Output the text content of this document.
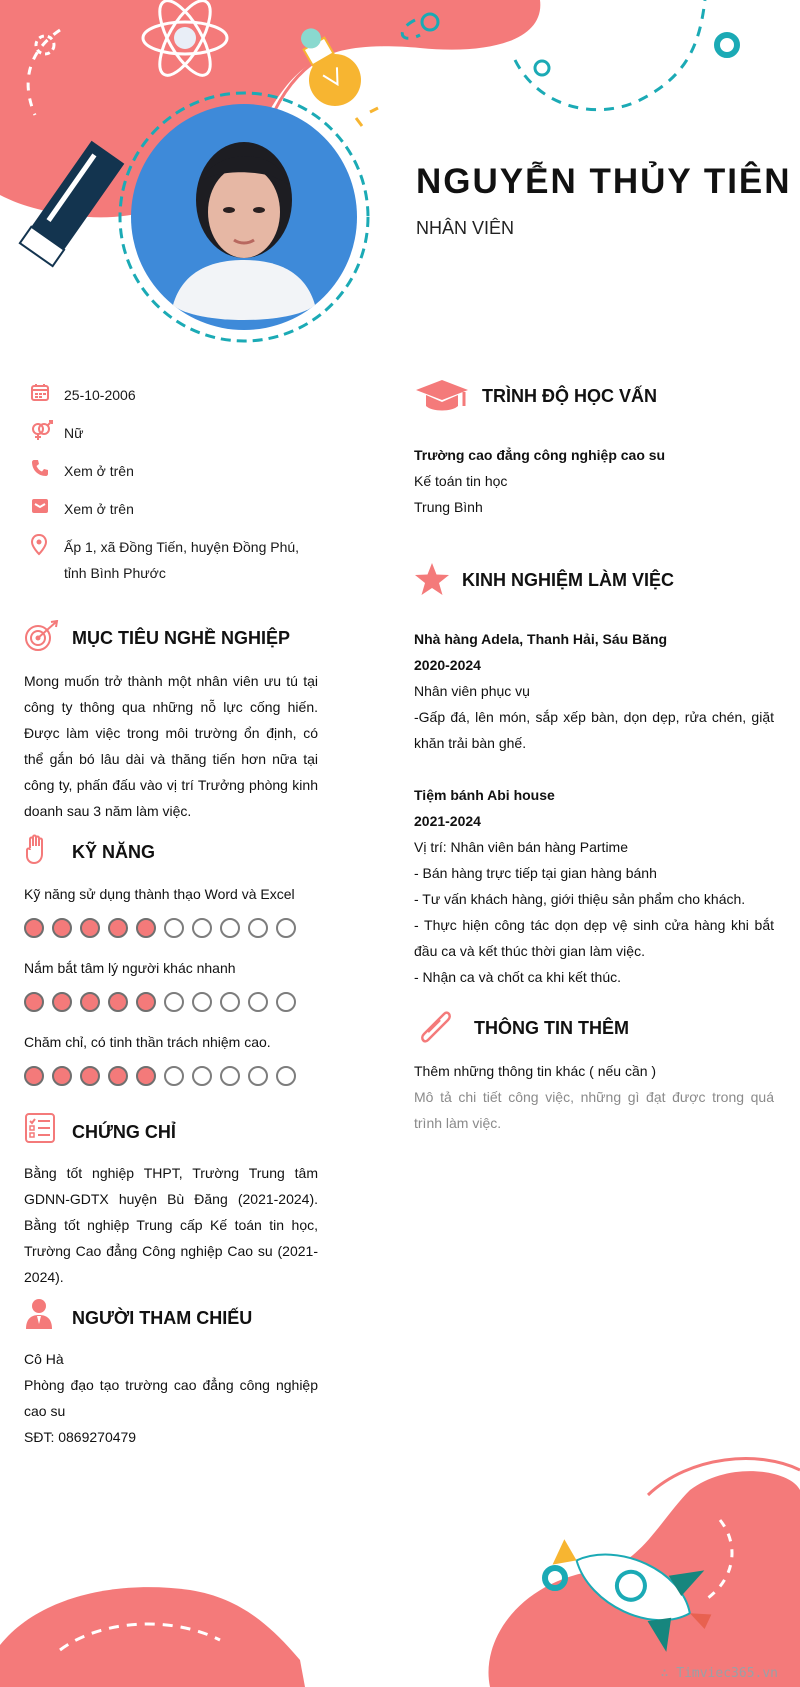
NGUYỄN THỦY TIÊN
NHÂN VIÊN
25-10-2006
Nữ
Xem ở trên
Xem ở trên
Ấp 1, xã Đồng Tiến, huyện Đồng Phú,
tỉnh Bình Phước
MỤC TIÊU NGHỀ NGHIỆP
Mong muốn trở thành một nhân viên ưu tú tại công ty thông qua những nỗ lực cống hiến. Được làm việc trong môi trường ổn định, có thể gắn bó lâu dài và thăng tiến hơn nữa tại công ty, phấn đấu vào vị trí Trưởng phòng kinh doanh sau 3 năm làm việc.
KỸ NĂNG
Kỹ năng sử dụng thành thạo Word và Excel
Nắm bắt tâm lý người khác nhanh
Chăm chỉ, có tinh thần trách nhiệm cao.
CHỨNG CHỈ
Bằng tốt nghiệp THPT, Trường Trung tâm GDNN-GDTX huyện Bù Đăng (2021-2024). Bằng tốt nghiệp Trung cấp Kế toán tin học, Trường Cao đẳng Công nghiệp Cao su (2021-2024).
NGƯỜI THAM CHIẾU
Cô Hà
Phòng đạo tạo trường cao đẳng công nghiệp cao su
SĐT: 0869270479
TRÌNH ĐỘ HỌC VẤN
Trường cao đẳng công nghiệp cao su
Kế toán tin học
Trung Bình
KINH NGHIỆM LÀM VIỆC
Nhà hàng Adela, Thanh Hải, Sáu Băng
2020-2024
Nhân viên phục vụ
-Gấp đá, lên món, sắp xếp bàn, dọn dẹp, rửa chén, giặt khăn trải bàn ghế.
Tiệm bánh Abi house
2021-2024
Vị trí: Nhân viên bán hàng Partime
- Bán hàng trực tiếp tại gian hàng bánh
- Tư vấn khách hàng, giới thiệu sản phẩm cho khách.
- Thực hiện công tác dọn dẹp vệ sinh cửa hàng khi bắt đầu ca và kết thúc thời gian làm việc.
- Nhận ca và chốt ca khi kết thúc.
THÔNG TIN THÊM
Thêm những thông tin khác ( nếu cần )
Mô tả chi tiết công việc, những gì đạt được trong quá trình làm việc.
∴ Timviec365.vn
